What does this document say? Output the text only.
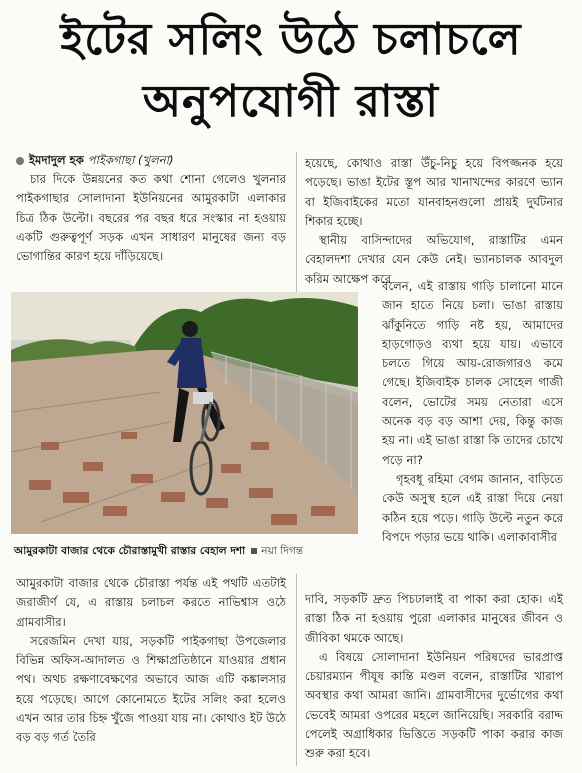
ইটের সলিং উঠে চলাচলে
অনুপযোগী রাস্তা
ইমদাদুল হক পাইকগাছা (খুলনা)

চার দিকে উন্নয়নের কত কথা শোনা গেলেও খুলনার পাইকগাছার সোলাদানা ইউনিয়নের আমুরকাটা এলাকার চিত্র ঠিক উল্টো। বছরের পর বছর ধরে সংস্কার না হওয়ায় একটি গুরুত্বপূর্ণ সড়ক এখন সাধারণ মানুষের জন্য বড় ভোগান্তির কারণ হয়ে দাঁড়িয়েছে।

আমুরকাটা বাজার থেকে চৌরাস্তামুখী রাস্তার বেহাল দশা নয়া দিগন্ত

আমুরকাটা বাজার থেকে চৌরাস্তা পর্যন্ত এই পথটি এতটাই জরাজীর্ণ যে, এ রাস্তায় চলাচল করতে নাভিশ্বাস ওঠে গ্রামবাসীর।

সরেজমিন দেখা যায়, সড়কটি পাইকগাছা উপজেলার বিভিন্ন অফিস-আদালত ও শিক্ষাপ্রতিষ্ঠানে যাওয়ার প্রধান পথ। অথচ রক্ষণাবেক্ষণের অভাবে আজ এটি কঙ্কালসার হয়ে পড়েছে। আগে কোনোমতে ইটের সলিং করা হলেও এখন আর তার চিহ্ন খুঁজে পাওয়া যায় না। কোথাও ইট উঠে বড় বড় গর্ত তৈরি

হয়েছে, কোথাও রাস্তা উঁচু-নিচু হয়ে বিপজ্জনক হয়ে পড়েছে। ভাঙা ইটের স্তূপ আর খানাখন্দের কারণে ভ্যান বা ইজিবাইকের মতো যানবাহনগুলো প্রায়ই দুর্ঘটনার শিকার হচ্ছে।

স্থানীয় বাসিন্দাদের অভিযোগ, রাস্তাটির এমন বেহালদশা দেখার যেন কেউ নেই। ভ্যানচালক আবদুল করিম আক্ষেপ করে

বলেন, এই রাস্তায় গাড়ি চালানো মানে জান হাতে নিয়ে চলা। ভাঙা রাস্তায় ঝাঁকুনিতে গাড়ি নষ্ট হয়, আমাদের হাড়গোড়ও ব্যথা হয়ে যায়। এভাবে চলতে গিয়ে আয়-রোজগারও কমে গেছে। ইজিবাইক চালক সোহেল গাজী বলেন, ভোটের সময় নেতারা এসে অনেক বড় বড় আশা দেয়, কিন্তু কাজ হয় না। এই ভাঙা রাস্তা কি তাদের চোখে পড়ে না?

গৃহবধূ রহিমা বেগম জানান, বাড়িতে কেউ অসুস্থ হলে এই রাস্তা দিয়ে নেয়া কঠিন হয়ে পড়ে। গাড়ি উল্টে নতুন করে বিপদে পড়ার ভয়ে থাকি। এলাকাবাসীর

দাবি, সড়কটি দ্রুত পিচঢালাই বা পাকা করা হোক। এই রাস্তা ঠিক না হওয়ায় পুরো এলাকার মানুষের জীবন ও জীবিকা থমকে আছে।

এ বিষয়ে সোলাদানা ইউনিয়ন পরিষদের ভারপ্রাপ্ত চেয়ারম্যান পীযূষ কান্তি মণ্ডল বলেন, রাস্তাটির খারাপ অবস্থার কথা আমরা জানি। গ্রামবাসীদের দুর্ভোগের কথা ভেবেই আমরা ওপরের মহলে জানিয়েছি। সরকারি বরাদ্দ পেলেই অগ্রাধিকার ভিত্তিতে সড়কটি পাকা করার কাজ শুরু করা হবে।
